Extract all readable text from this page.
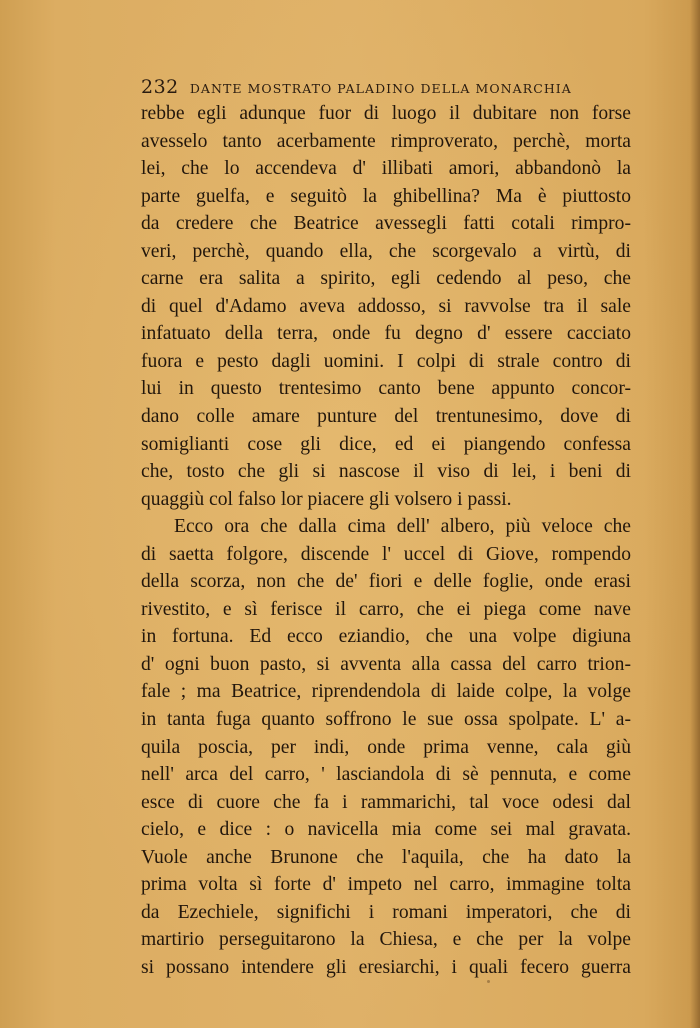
232 DANTE MOSTRATO PALADINO DELLA MONARCHIA
rebbe egli adunque fuor di luogo il dubitare non forse
avesselo tanto acerbamente rimproverato, perchè, morta
lei, che lo accendeva d' illibati amori, abbandonò la
parte guelfa, e seguitò la ghibellina? Ma è piuttosto
da credere che Beatrice avessegli fatti cotali rimpro-
veri, perchè, quando ella, che scorgevalo a virtù, di
carne era salita a spirito, egli cedendo al peso, che
di quel d'Adamo aveva addosso, si ravvolse tra il sale
infatuato della terra, onde fu degno d' essere cacciato
fuora e pesto dagli uomini. I colpi di strale contro di
lui in questo trentesimo canto bene appunto concor-
dano colle amare punture del trentunesimo, dove di
somiglianti cose gli dice, ed ei piangendo confessa
che, tosto che gli si nascose il viso di lei, i beni di
quaggiù col falso lor piacere gli volsero i passi.
Ecco ora che dalla cima dell' albero, più veloce che
di saetta folgore, discende l' uccel di Giove, rompendo
della scorza, non che de' fiori e delle foglie, onde erasi
rivestito, e sì ferisce il carro, che ei piega come nave
in fortuna. Ed ecco eziandio, che una volpe digiuna
d' ogni buon pasto, si avventa alla cassa del carro trion-
fale ; ma Beatrice, riprendendola di laide colpe, la volge
in tanta fuga quanto soffrono le sue ossa spolpate. L' a-
quila poscia, per indi, onde prima venne, cala giù
nell' arca del carro, ' lasciandola di sè pennuta, e come
esce di cuore che fa i rammarichi, tal voce odesi dal
cielo, e dice : o navicella mia come sei mal gravata.
Vuole anche Brunone che l'aquila, che ha dato la
prima volta sì forte d' impeto nel carro, immagine tolta
da Ezechiele, significhi i romani imperatori, che di
martirio perseguitarono la Chiesa, e che per la volpe
si possano intendere gli eresiarchi, i quali fecero guerra
